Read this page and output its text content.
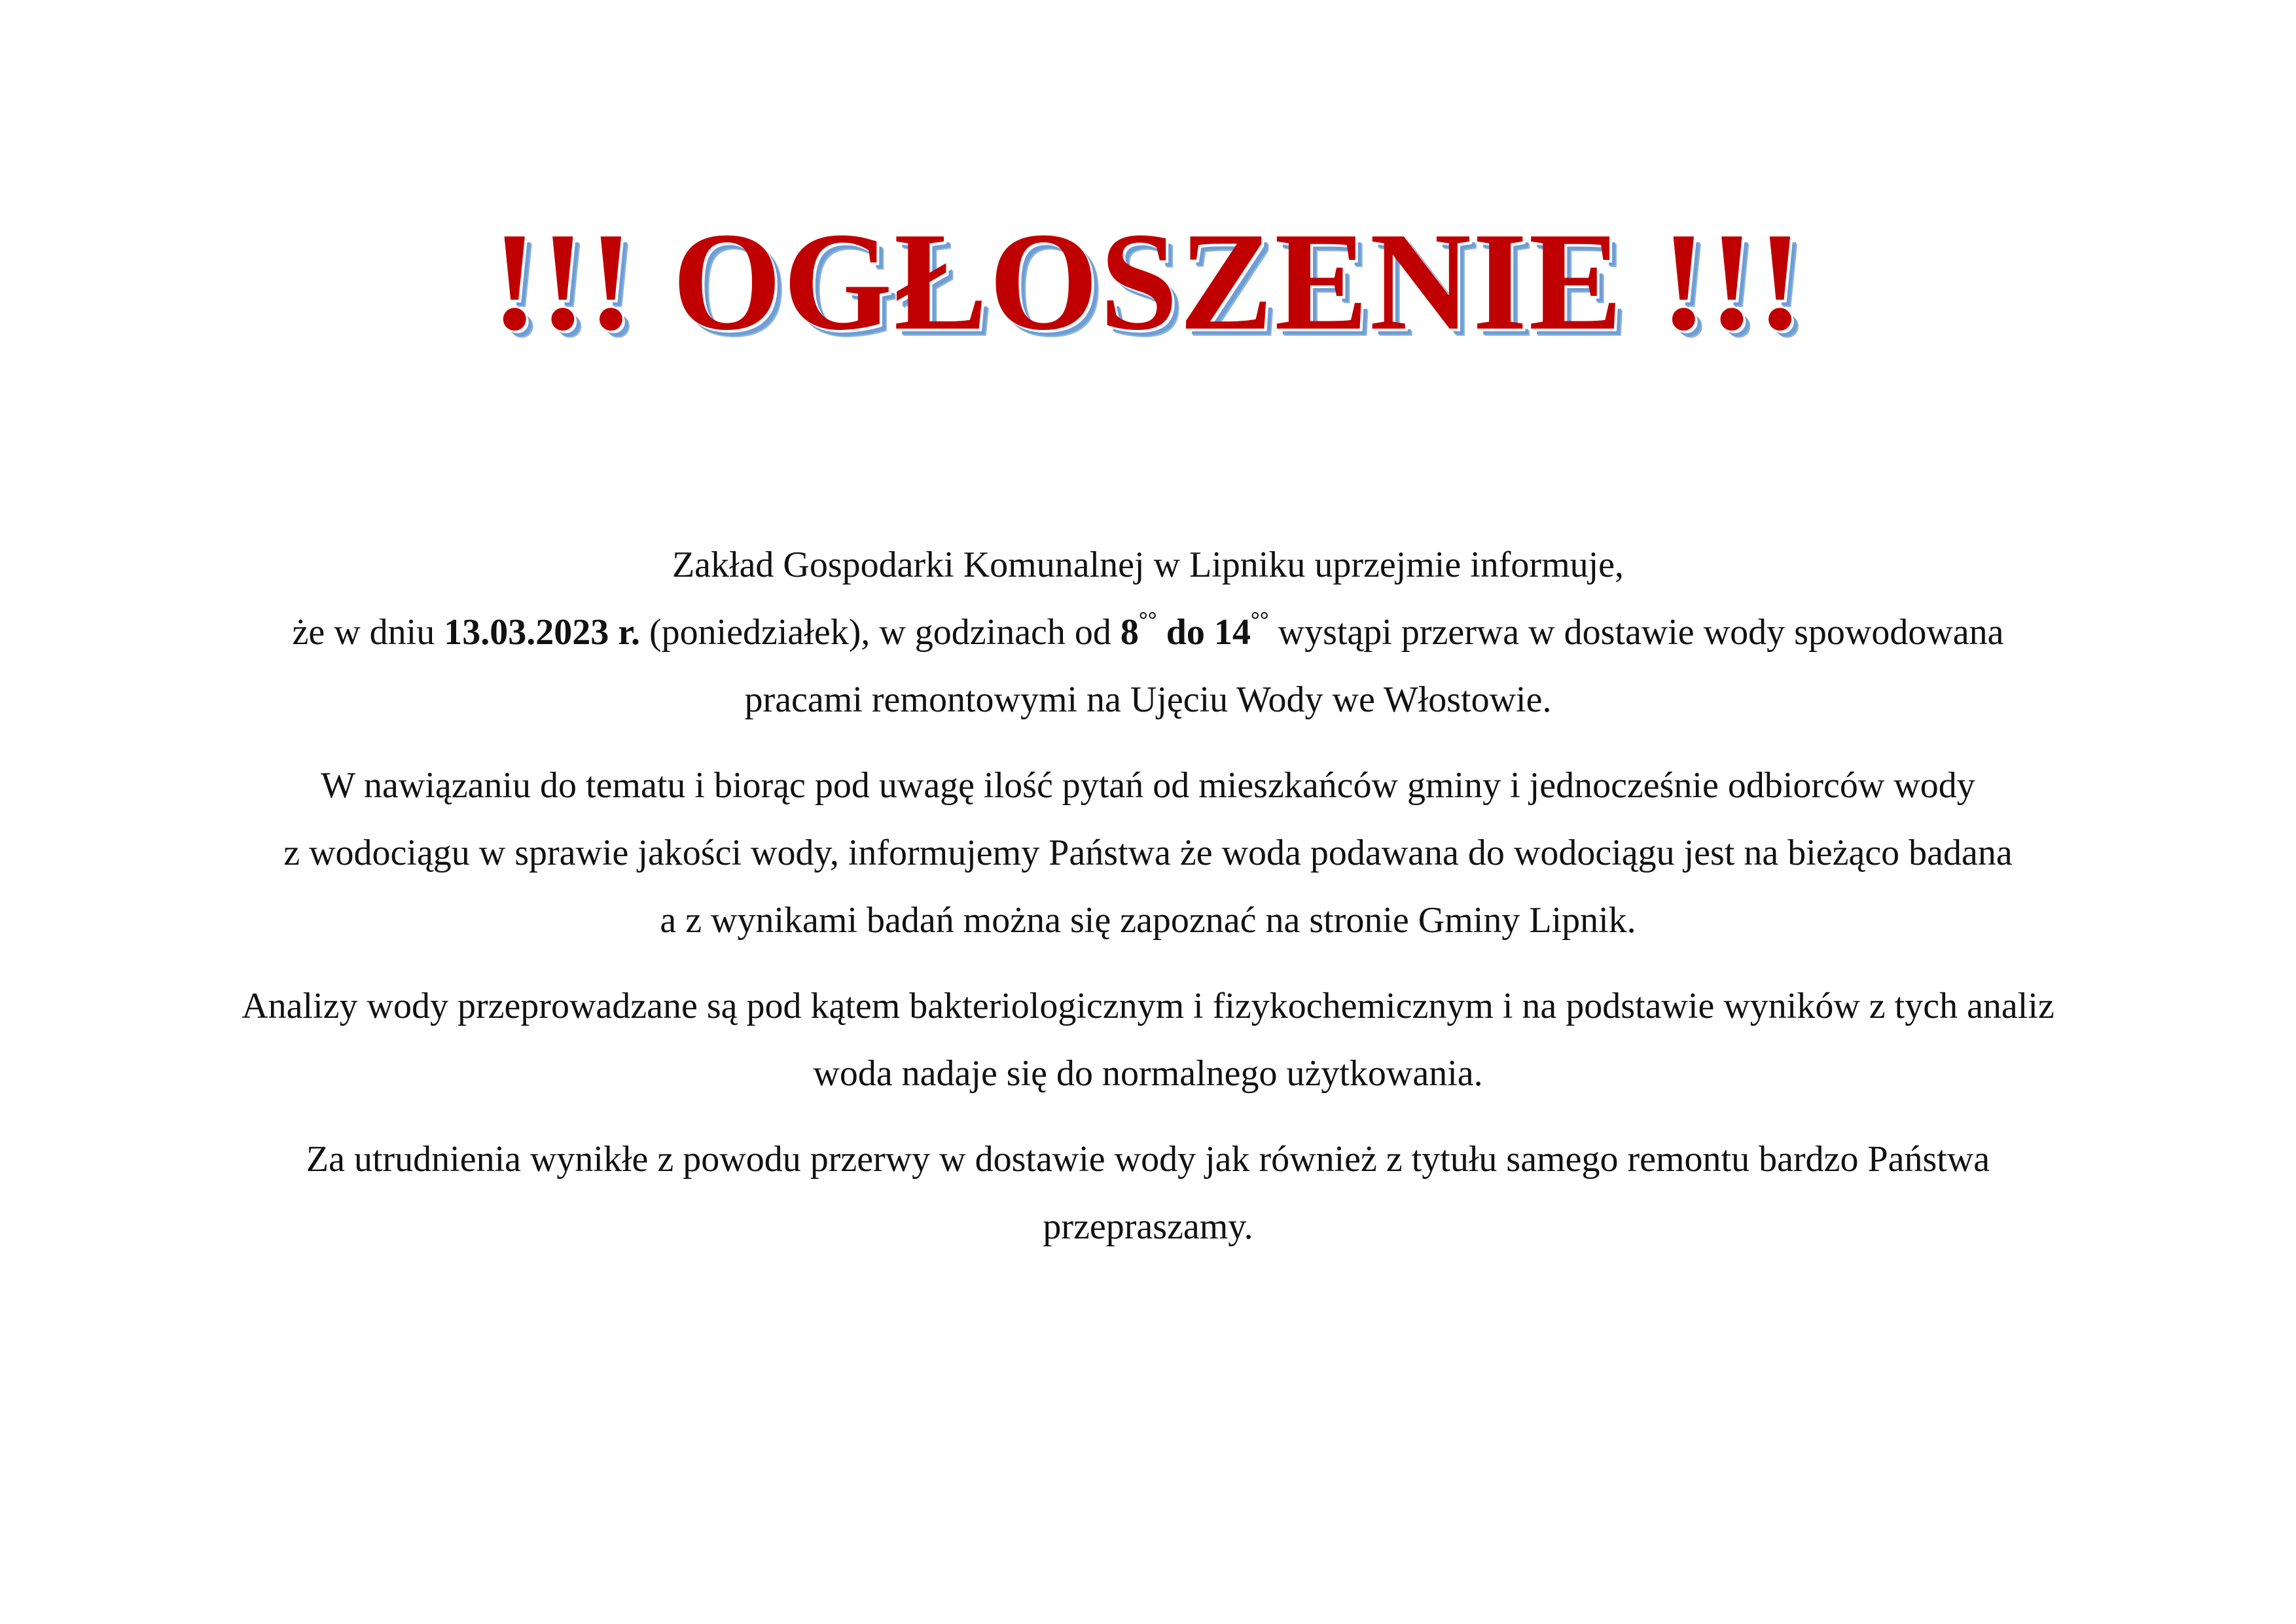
!!! OGŁOSZENIE !!!

Zakład Gospodarki Komunalnej w Lipniku uprzejmie informuje,
że w dniu 13.03.2023 r. (poniedziałek), w godzinach od 8°° do 14°° wystąpi przerwa w dostawie wody spowodowana
pracami remontowymi na Ujęciu Wody we Włostowie.

W nawiązaniu do tematu i biorąc pod uwagę ilość pytań od mieszkańców gminy i jednocześnie odbiorców wody
z wodociągu w sprawie jakości wody, informujemy Państwa że woda podawana do wodociągu jest na bieżąco badana
a z wynikami badań można się zapoznać na stronie Gminy Lipnik.

Analizy wody przeprowadzane są pod kątem bakteriologicznym i fizykochemicznym i na podstawie wyników z tych analiz
woda nadaje się do normalnego użytkowania.

Za utrudnienia wynikłe z powodu przerwy w dostawie wody jak również z tytułu samego remontu bardzo Państwa
przepraszamy.
